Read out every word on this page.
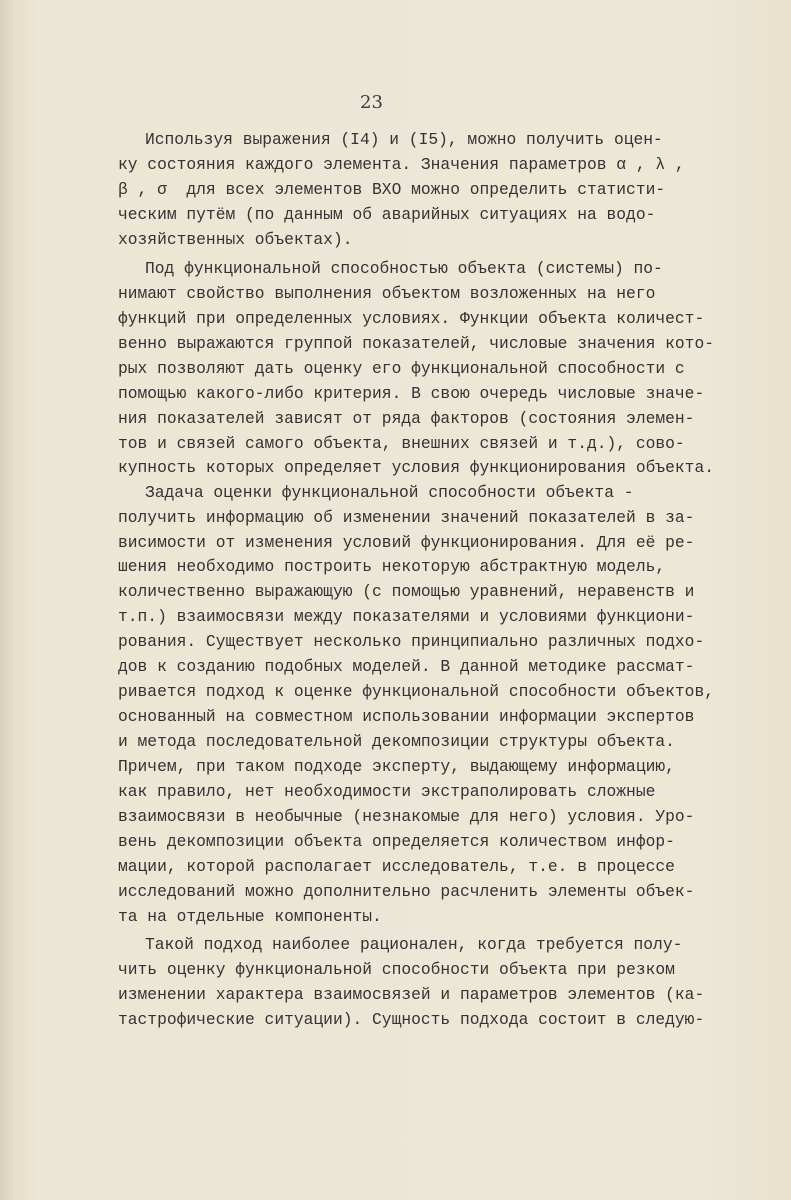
23
Используя выражения (I4) и (I5), можно получить оцен-
ку состояния каждого элемента. Значения параметров α , λ ,
β , σ  для всех элементов ВХО можно определить статисти-
ческим путём (по данным об аварийных ситуациях на водо-
хозяйственных объектах).
Под функциональной способностью объекта (системы) по-
нимают свойство выполнения объектом возложенных на него
функций при определенных условиях. Функции объекта количест-
венно выражаются группой показателей, числовые значения кото-
рых позволяют дать оценку его функциональной способности с
помощью какого-либо критерия. В свою очередь числовые значе-
ния показателей зависят от ряда факторов (состояния элемен-
тов и связей самого объекта, внешних связей и т.д.), сово-
купность которых определяет условия функционирования объекта.
Задача оценки функциональной способности объекта -
получить информацию об изменении значений показателей в за-
висимости от изменения условий функционирования. Для её ре-
шения необходимо построить некоторую абстрактную модель,
количественно выражающую (с помощью уравнений, неравенств и
т.п.) взаимосвязи между показателями и условиями функциони-
рования. Существует несколько принципиально различных подхо-
дов к созданию подобных моделей. В данной методике рассмат-
ривается подход к оценке функциональной способности объектов,
основанный на совместном использовании информации экспертов
и метода последовательной декомпозиции структуры объекта.
Причем, при таком подходе эксперту, выдающему информацию,
как правило, нет необходимости экстраполировать сложные
взаимосвязи в необычные (незнакомые для него) условия. Уро-
вень декомпозиции объекта определяется количеством инфор-
мации, которой располагает исследователь, т.е. в процессе
исследований можно дополнительно расчленить элементы объек-
та на отдельные компоненты.
Такой подход наиболее рационален, когда требуется полу-
чить оценку функциональной способности объекта при резком
изменении характера взаимосвязей и параметров элементов (ка-
тастрофические ситуации). Сущность подхода состоит в следую-
